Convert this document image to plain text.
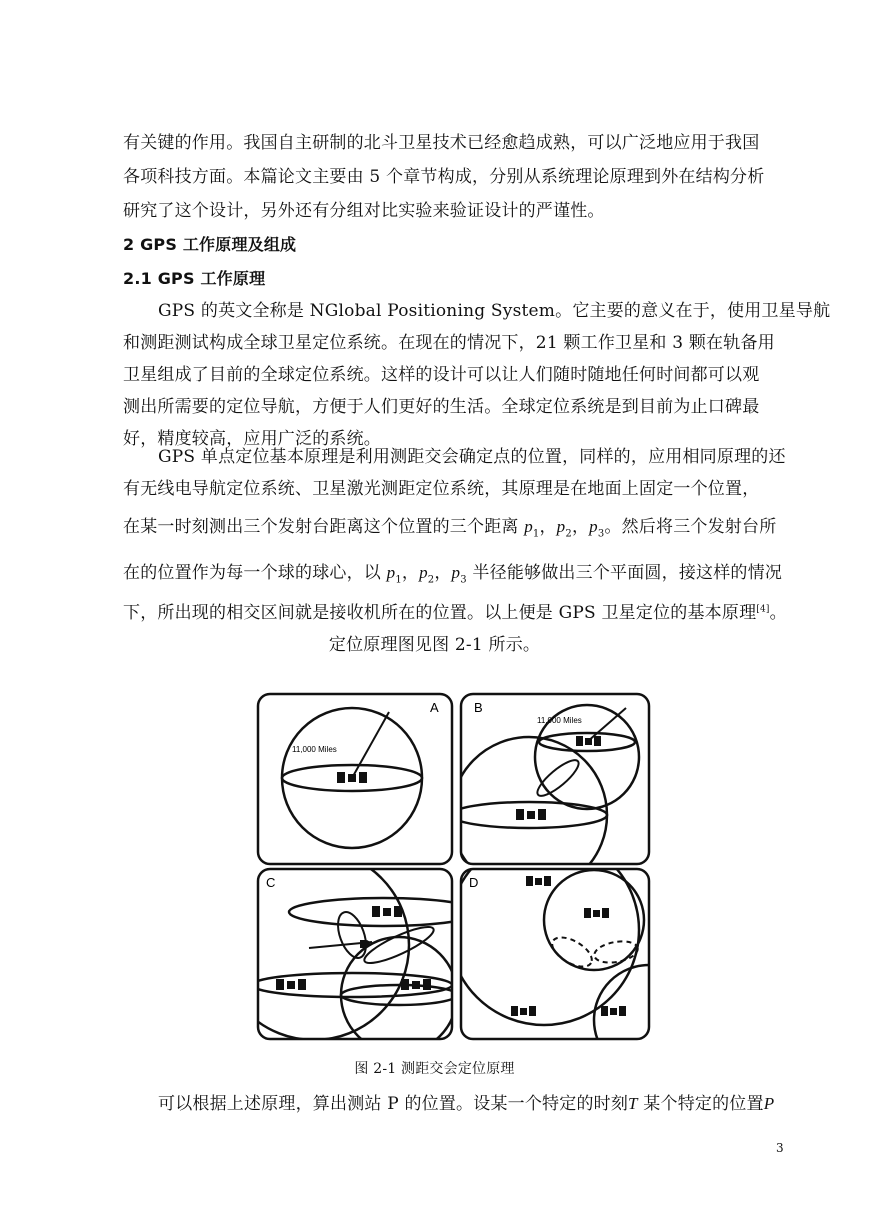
有关键的作用。我国自主研制的北斗卫星技术已经愈趋成熟，可以广泛地应用于我国
各项科技方面。本篇论文主要由 5 个章节构成，分别从系统理论原理到外在结构分析
研究了这个设计，另外还有分组对比实验来验证设计的严谨性。
2 GPS 工作原理及组成
2.1 GPS 工作原理
GPS 的英文全称是 NGlobal Positioning System。它主要的意义在于，使用卫星导航
和测距测试构成全球卫星定位系统。在现在的情况下，21 颗工作卫星和 3 颗在轨备用
卫星组成了目前的全球定位系统。这样的设计可以让人们随时随地任何时间都可以观
测出所需要的定位导航，方便于人们更好的生活。全球定位系统是到目前为止口碑最
好，精度较高，应用广泛的系统。
GPS 单点定位基本原理是利用测距交会确定点的位置，同样的，应用相同原理的还
有无线电导航定位系统、卫星激光测距定位系统，其原理是在地面上固定一个位置，
在某一时刻测出三个发射台距离这个位置的三个距离 $p_1$，$p_2$，$p_3$。然后将三个发射台所
在的位置作为每一个球的球心，以 $p_1$，$p_2$，$p_3$ 半径能够做出三个平面圆，接这样的情况
下，所出现的相交区间就是接收机所在的位置。以上便是 GPS 卫星定位的基本原理[4]。
定位原理图见图 2-1 所示。
A	B
C	D
11,000 Miles
11,000 Miles
图 2-1 测距交会定位原理
可以根据上述原理，算出测站 P 的位置。设某一个特定的时刻T 某个特定的位置P
3
